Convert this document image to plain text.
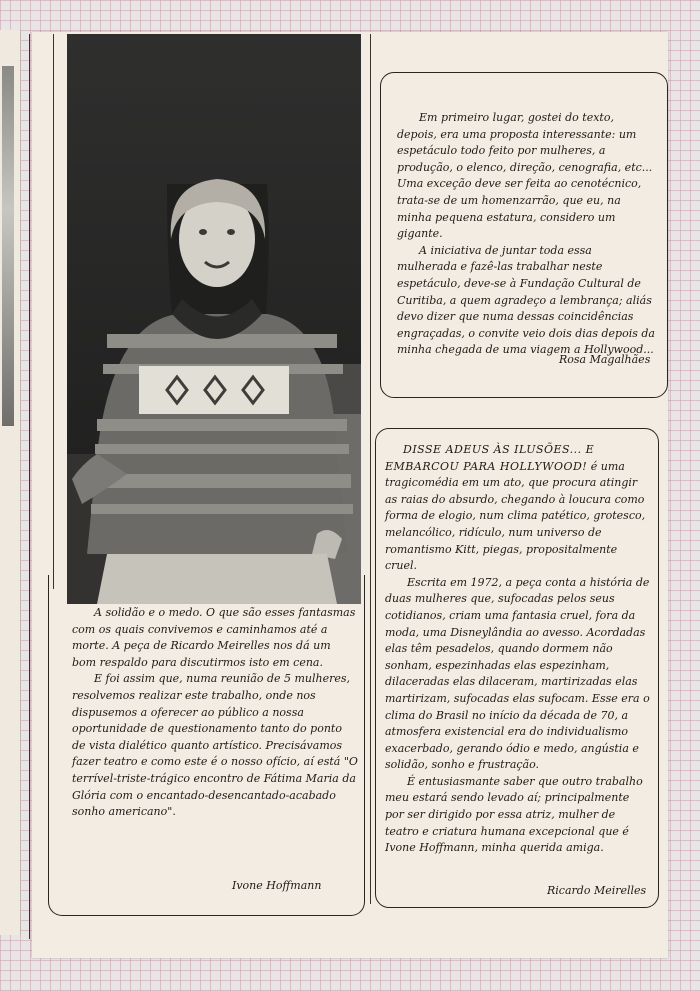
A solidão e o medo. O que são esses fantasmas com os quais convivemos e caminhamos até a morte. A peça de Ricardo Meirelles nos dá um bom respaldo para discutirmos isto em cena.

E foi assim que, numa reunião de 5 mulheres, resolvemos realizar este trabalho, onde nos dispusemos a oferecer ao público a nossa oportunidade de questionamento tanto do ponto de vista dialético quanto artístico. Precisávamos fazer teatro e como este é o nosso ofício, aí está "O terrível-triste-trágico encontro de Fátima Maria da Glória com o encantado-desencantado-acabado sonho americano".

Ivone Hoffmann

Em primeiro lugar, gostei do texto, depois, era uma proposta interessante: um espetáculo todo feito por mulheres, a produção, o elenco, direção, cenografia, etc... Uma exceção deve ser feita ao cenotécnico, trata-se de um homenzarrão, que eu, na minha pequena estatura, considero um gigante.

A iniciativa de juntar toda essa mulherada e fazê-las trabalhar neste espetáculo, deve-se à Fundação Cultural de Curitiba, a quem agradeço a lembrança; aliás devo dizer que numa dessas coincidências engraçadas, o convite veio dois dias depois da minha chegada de uma viagem a Hollywood...

Rosa Magalhães

DISSE ADEUS ÀS ILUSÕES... E EMBARCOU PARA HOLLYWOOD! é uma tragicomédia em um ato, que procura atingir as raias do absurdo, chegando à loucura como forma de elogio, num clima patético, grotesco, melancólico, ridículo, num universo de romantismo Kitt, piegas, propositalmente cruel.

Escrita em 1972, a peça conta a história de duas mulheres que, sufocadas pelos seus cotidianos, criam uma fantasia cruel, fora da moda, uma Disneylândia ao avesso. Acordadas elas têm pesadelos, quando dormem não sonham, espezinhadas elas espezinham, dilaceradas elas dilaceram, martirizadas elas martirizam, sufocadas elas sufocam. Esse era o clima do Brasil no início da década de 70, a atmosfera existencial era do individualismo exacerbado, gerando ódio e medo, angústia e solidão, sonho e frustração.

É entusiasmante saber que outro trabalho meu estará sendo levado aí; principalmente por ser dirigido por essa atriz, mulher de teatro e criatura humana excepcional que é Ivone Hoffmann, minha querida amiga.

Ricardo Meirelles
